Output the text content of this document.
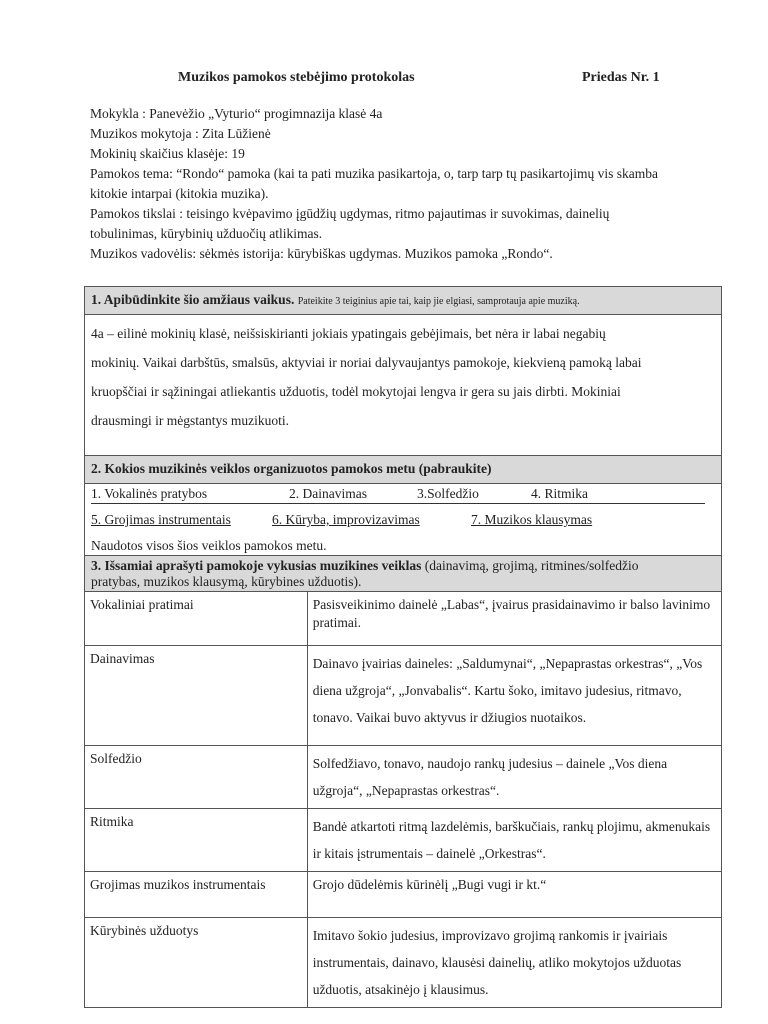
Muzikos pamokos stebėjimo protokolas	Priedas Nr. 1
Mokykla : Panevėžio „Vyturio“ progimnazija klasė 4a
Muzikos mokytoja : Zita Lūžienė
Mokinių skaičius klasėje: 19
Pamokos tema: “Rondo“ pamoka (kai ta pati muzika pasikartoja, o, tarp tarp tų pasikartojimų vis skamba
kitokie intarpai (kitokia muzika).
Pamokos tikslai : teisingo kvėpavimo įgūdžių ugdymas, ritmo pajautimas ir suvokimas, dainelių
tobulinimas, kūrybinių užduočių atlikimas.
Muzikos vadovėlis: sėkmės istorija: kūrybiškas ugdymas. Muzikos pamoka „Rondo“.
1. Apibūdinkite šio amžiaus vaikus. Pateikite 3 teiginius apie tai, kaip jie elgiasi, samprotauja apie muziką.
4a – eilinė mokinių klasė, neišsiskirianti jokiais ypatingais gebėjimais, bet nėra ir labai negabių
mokinių. Vaikai darbštūs, smalsūs, aktyviai ir noriai dalyvaujantys pamokoje, kiekvieną pamoką labai
kruopščiai ir sąžiningai atliekantis užduotis, todėl mokytojai lengva ir gera su jais dirbti. Mokiniai
drausmingi ir mėgstantys muzikuoti.
2. Kokios muzikinės veiklos organizuotos pamokos metu (pabraukite)
1. Vokalinės pratybos	2. Dainavimas	3.Solfedžio	4. Ritmika
5. Grojimas instrumentais	6. Kūryba, improvizavimas	7. Muzikos klausymas
Naudotos visos šios veiklos pamokos metu.
3. Išsamiai aprašyti pamokoje vykusias muzikines veiklas (dainavimą, grojimą, ritmines/solfedžio
pratybas, muzikos klausymą, kūrybines užduotis).
Vokaliniai pratimai	Pasisveikinimo dainelė „Labas“, įvairus prasidainavimo ir balso lavinimo pratimai.
Dainavimas	Dainavo įvairias daineles: „Saldumynai“, „Nepaprastas orkestras“, „Vos diena užgroja“, „Jonvabalis“. Kartu šoko, imitavo judesius, ritmavo, tonavo. Vaikai buvo aktyvus ir džiugios nuotaikos.
Solfedžio	Solfedžiavo, tonavo, naudojo rankų judesius – dainele „Vos diena užgroja“, „Nepaprastas orkestras“.
Ritmika	Bandė atkartoti ritmą lazdelėmis, barškučiais, rankų plojimu, akmenukais ir kitais įstrumentais – dainelė „Orkestras“.
Grojimas muzikos instrumentais	Grojo dūdelėmis kūrinėlį „Bugi vugi ir kt.“
Kūrybinės užduotys	Imitavo šokio judesius, improvizavo grojimą rankomis ir įvairiais instrumentais, dainavo, klausėsi dainelių, atliko mokytojos užduotas užduotis, atsakinėjo į klausimus.
